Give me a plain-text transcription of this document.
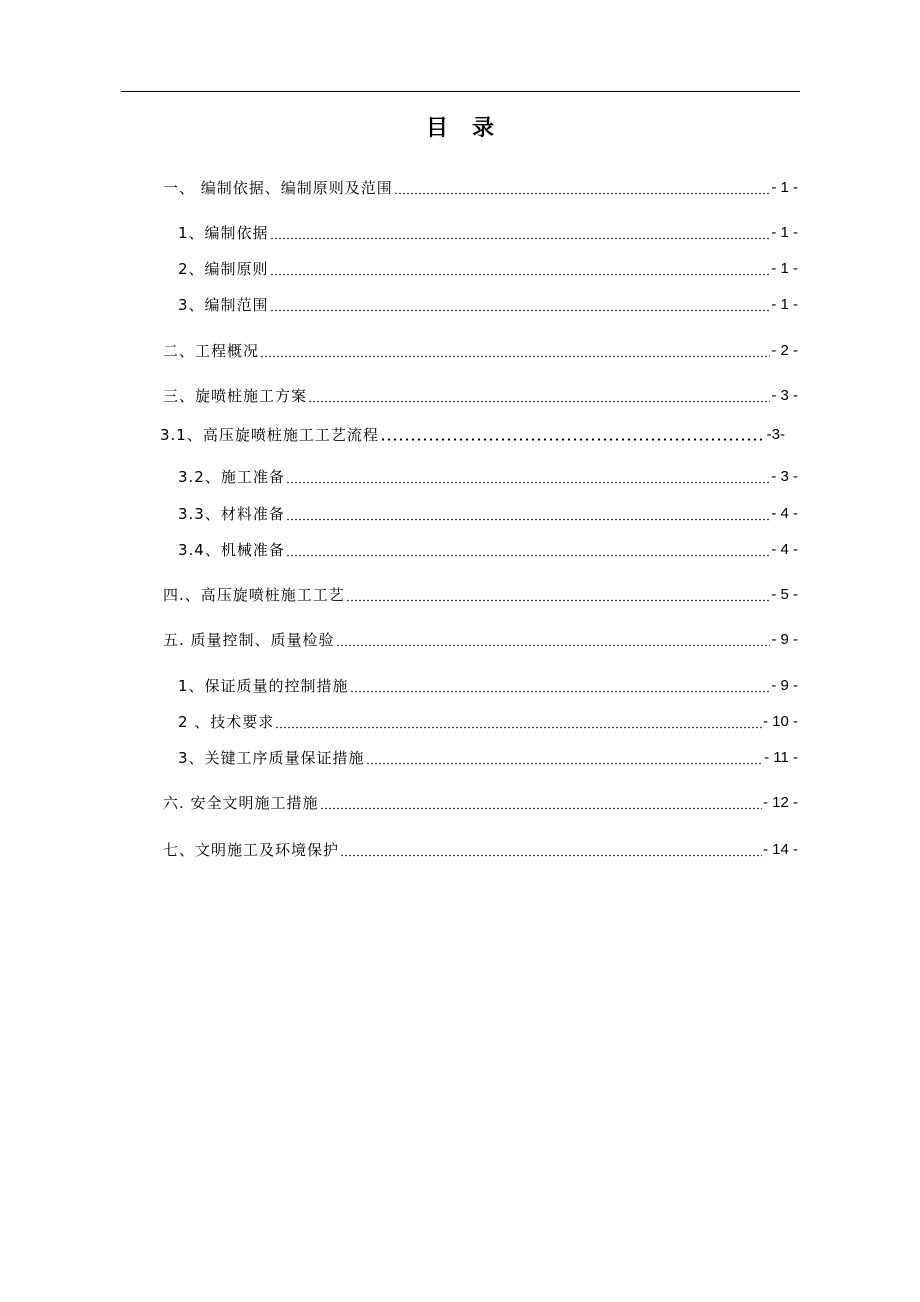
目 录
一、 编制依据、编制原则及范围	- 1 -
1、编制依据	- 1 -
2、编制原则	- 1 -
3、编制范围	- 1 -
二、工程概况	- 2 -
三、旋喷桩施工方案	- 3 -
3.1、高压旋喷桩施工工艺流程	-3-
3.2、施工准备	- 3 -
3.3、材料准备	- 4 -
3.4、机械准备	- 4 -
四.、高压旋喷桩施工工艺	- 5 -
五. 质量控制、质量检验	- 9 -
1、保证质量的控制措施	- 9 -
2 、技术要求	- 10 -
3、关键工序质量保证措施	- 11 -
六. 安全文明施工措施	- 12 -
七、文明施工及环境保护	- 14 -
